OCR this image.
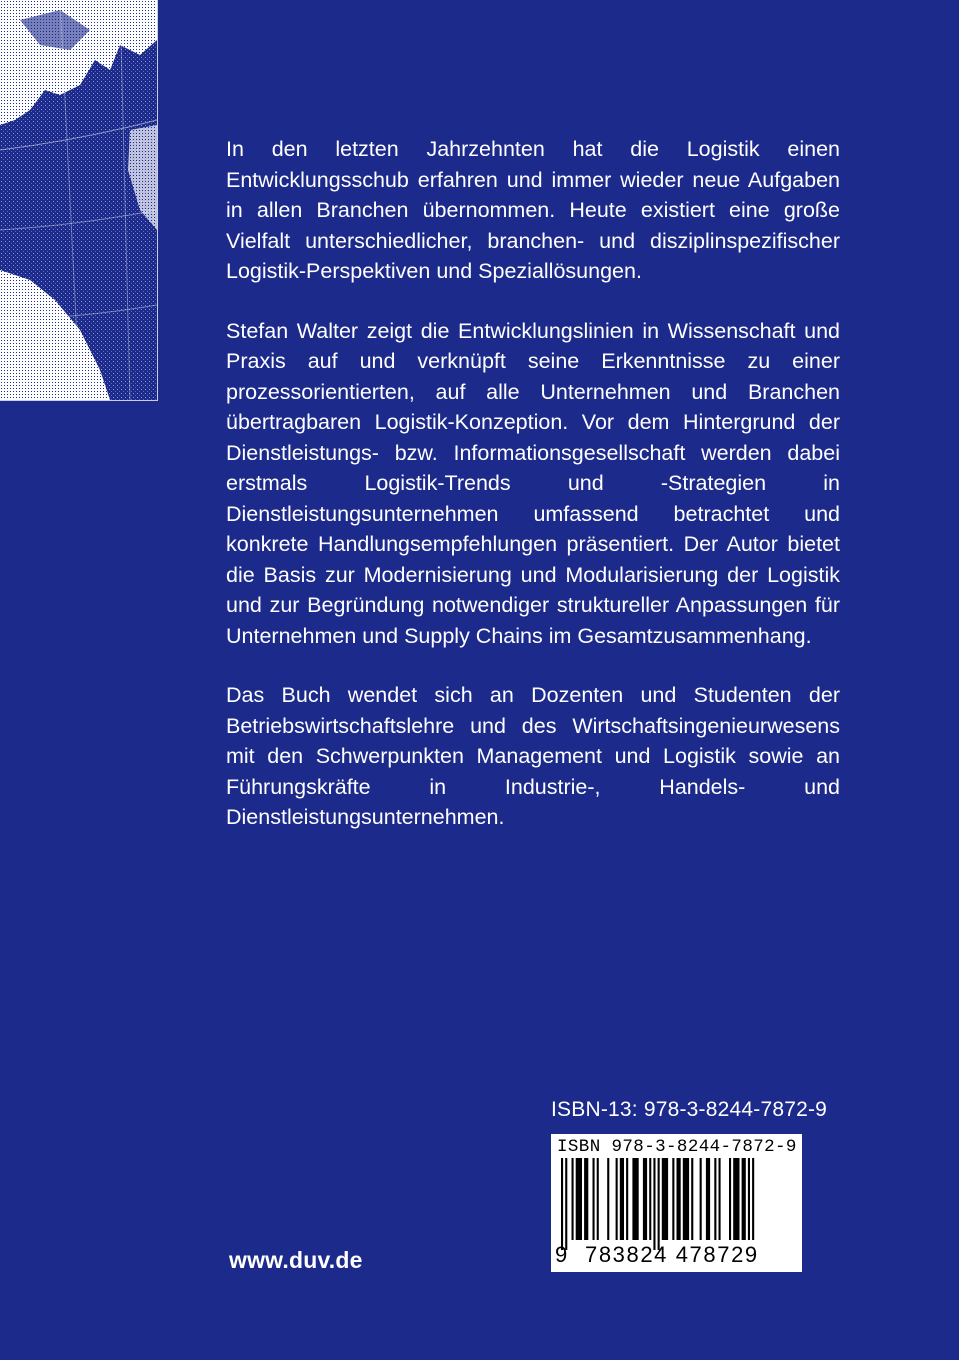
In den letzten Jahrzehnten hat die Logistik einen Entwicklungsschub erfahren und immer wieder neue Aufgaben in allen Branchen übernommen. Heute existiert eine große Vielfalt unterschiedlicher, branchen- und disziplinspezifischer Logistik-Perspektiven und Speziallösungen.

Stefan Walter zeigt die Entwicklungslinien in Wissenschaft und Praxis auf und verknüpft seine Erkenntnisse zu einer prozessorientierten, auf alle Unternehmen und Branchen übertragbaren Logistik-Konzeption. Vor dem Hintergrund der Dienstleistungs- bzw. Informationsgesellschaft werden dabei erstmals Logistik-Trends und -Strategien in Dienstleistungsunternehmen umfassend betrachtet und konkrete Handlungsempfehlungen präsentiert. Der Autor bietet die Basis zur Modernisierung und Modularisierung der Logistik und zur Begründung notwendiger struktureller Anpassungen für Unternehmen und Supply Chains im Gesamtzusammenhang.

Das Buch wendet sich an Dozenten und Studenten der Betriebswirtschaftslehre und des Wirtschaftsingenieurwesens mit den Schwerpunkten Management und Logistik sowie an Führungskräfte in Industrie-, Handels- und Dienstleistungsunternehmen.

ISBN-13: 978-3-8244-7872-9
ISBN 978-3-8244-7872-9
9 783824 478729
www.duv.de
